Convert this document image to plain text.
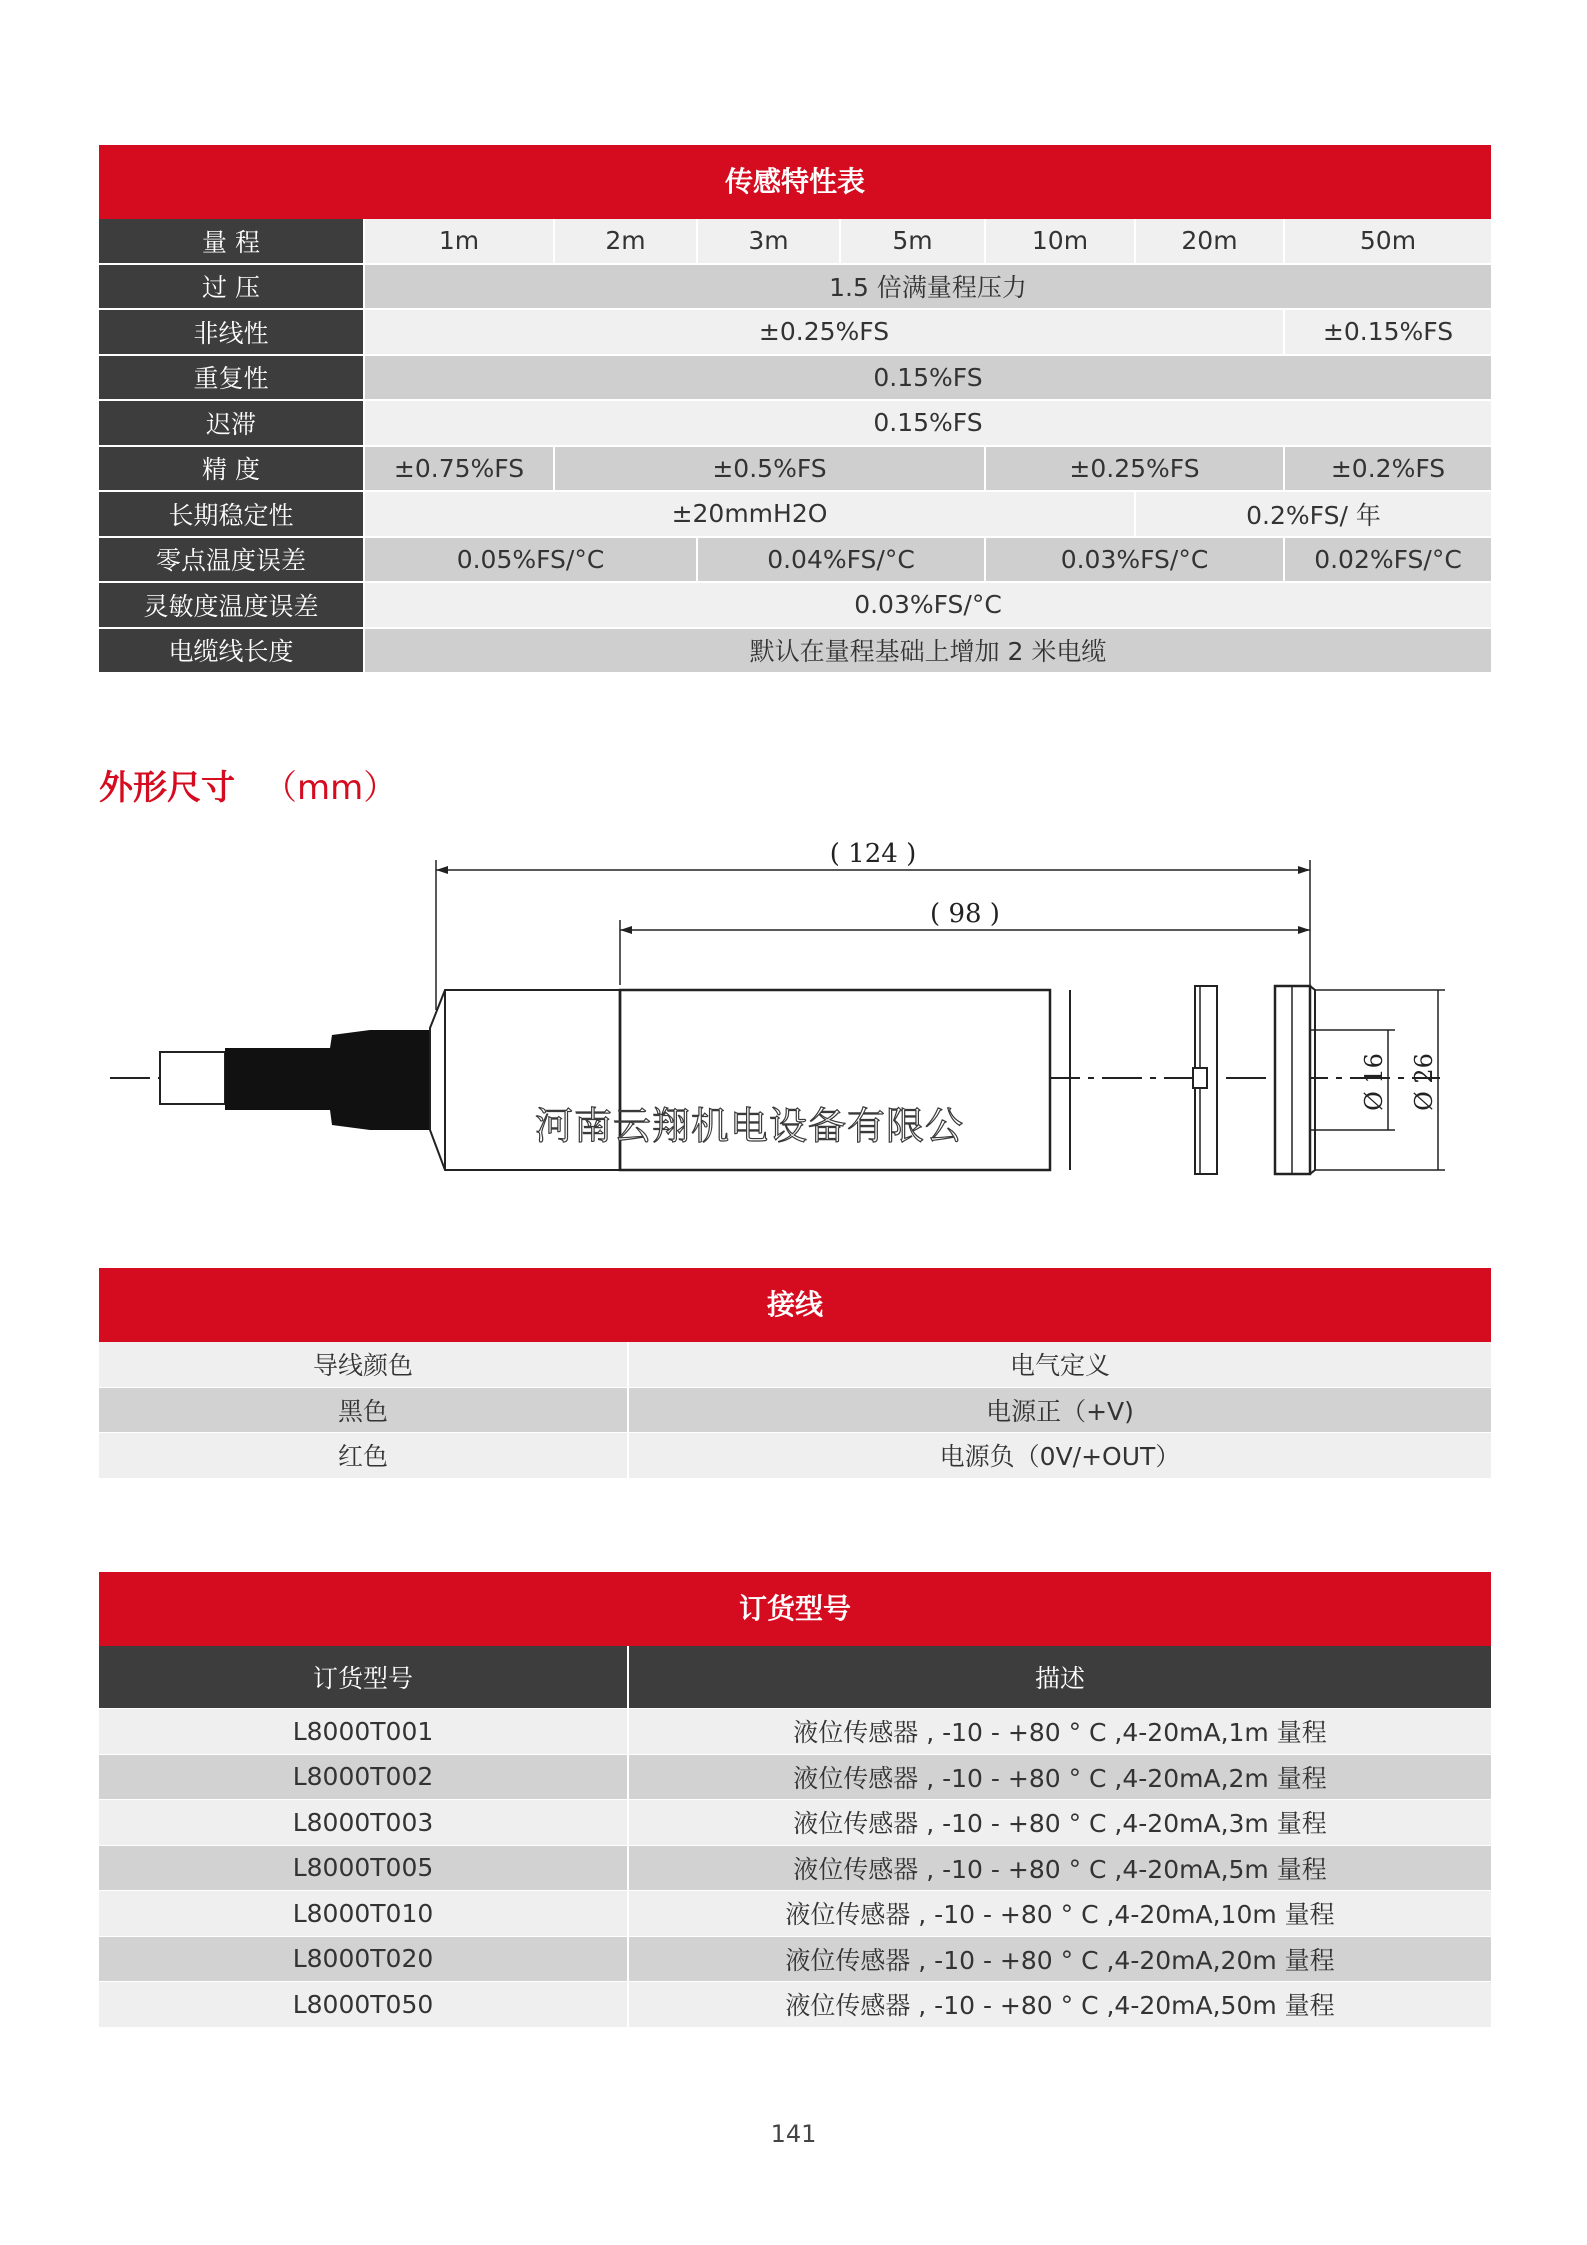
传感特性表
量 程	1m	2m	3m	5m	10m	20m	50m
过 压	1.5 倍满量程压力						
非线性	±0.25%FS						±0.15%FS
重复性	0.15%FS						
迟滞	0.15%FS						
精 度	±0.75%FS	±0.5%FS			±0.25%FS		±0.2%FS
长期稳定性	±20mmH2O					0.2%FS/ 年	
零点温度误差	0.05%FS/°C		0.04%FS/°C		0.03%FS/°C		0.02%FS/°C
灵敏度温度误差	0.03%FS/°C						
电缆线长度	默认在量程基础上增加 2 米电缆						
外形尺寸 （mm）
Ø 16 Ø 26
( 124 )
( 98 )
河南云翔机电设备有限公
接线
导线颜色	电气定义
黑色	电源正（+V)
红色	电源负（0V/+OUT）
订货型号
订货型号	描述
L8000T001	液位传感器 , -10 - +80 ° C ,4-20mA,1m 量程
L8000T002	液位传感器 , -10 - +80 ° C ,4-20mA,2m 量程
L8000T003	液位传感器 , -10 - +80 ° C ,4-20mA,3m 量程
L8000T005	液位传感器 , -10 - +80 ° C ,4-20mA,5m 量程
L8000T010	液位传感器 , -10 - +80 ° C ,4-20mA,10m 量程
L8000T020	液位传感器 , -10 - +80 ° C ,4-20mA,20m 量程
L8000T050	液位传感器 , -10 - +80 ° C ,4-20mA,50m 量程
141
